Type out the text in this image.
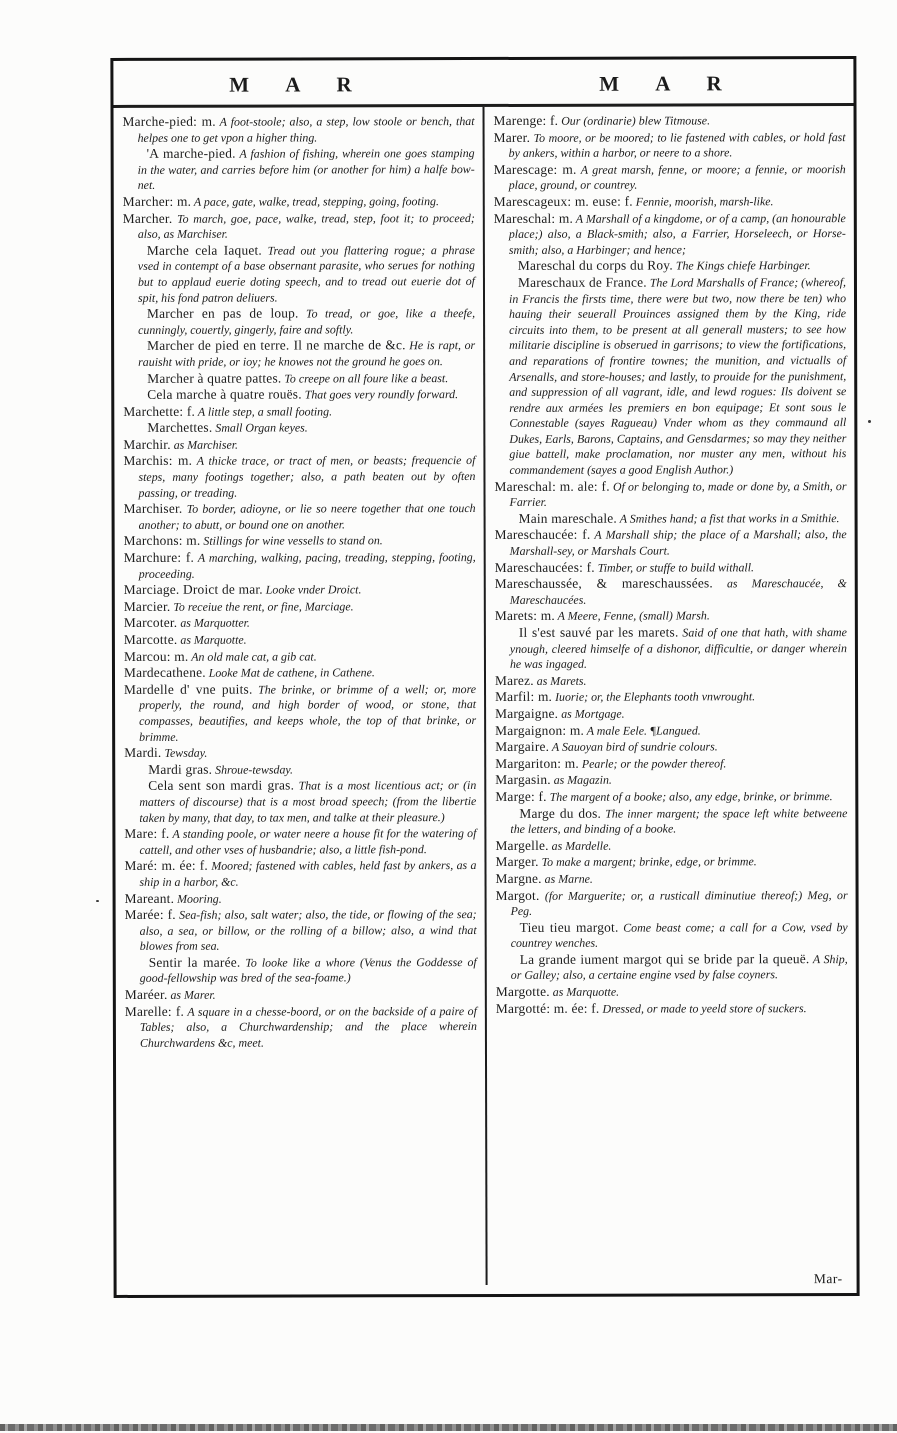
M A R	M A R

Marche-pied: m. A foot-stoole; also, a step, low stoole or bench, that helpes one to get vpon a higher thing.

'A marche-pied. A fashion of fishing, wherein one goes stamping in the water, and carries before him (or another for him) a halfe bow-net.

Marcher: m. A pace, gate, walke, tread, stepping, going, footing.

Marcher. To march, goe, pace, walke, tread, step, foot it; to proceed; also, as Marchiser.

Marche cela Iaquet. Tread out you flattering rogue; a phrase vsed in contempt of a base obsernant parasite, who serues for nothing but to applaud euerie doting speech, and to tread out euerie dot of spit, his fond patron deliuers.

Marcher en pas de loup. To tread, or goe, like a theefe, cunningly, couertly, gingerly, faire and softly.

Marcher de pied en terre. Il ne marche de &c. He is rapt, or rauisht with pride, or ioy; he knowes not the ground he goes on.

Marcher à quatre pattes. To creepe on all foure like a beast.

Cela marche à quatre rouës. That goes very roundly forward.

Marchette: f. A little step, a small footing.

Marchettes. Small Organ keyes.

Marchir. as Marchiser.

Marchis: m. A thicke trace, or tract of men, or beasts; frequencie of steps, many footings together; also, a path beaten out by often passing, or treading.

Marchiser. To border, adioyne, or lie so neere together that one touch another; to abutt, or bound one on another.

Marchons: m. Stillings for wine vessells to stand on.

Marchure: f. A marching, walking, pacing, treading, stepping, footing, proceeding.

Marciage. Droict de mar. Looke vnder Droict.

Marcier. To receiue the rent, or fine, Marciage.

Marcoter. as Marquotter.

Marcotte. as Marquotte.

Marcou: m. An old male cat, a gib cat.

Mardecathene. Looke Mat de cathene, in Cathene.

Mardelle d' vne puits. The brinke, or brimme of a well; or, more properly, the round, and high border of wood, or stone, that compasses, beautifies, and keeps whole, the top of that brinke, or brimme.

Mardi. Tewsday.

Mardi gras. Shroue-tewsday.

Cela sent son mardi gras. That is a most licentious act; or (in matters of discourse) that is a most broad speech; (from the libertie taken by many, that day, to tax men, and talke at their pleasure.)

Mare: f. A standing poole, or water neere a house fit for the watering of cattell, and other vses of husbandrie; also, a little fish-pond.

Maré: m. ée: f. Moored; fastened with cables, held fast by ankers, as a ship in a harbor, &c.

Mareant. Mooring.

Marée: f. Sea-fish; also, salt water; also, the tide, or flowing of the sea; also, a sea, or billow, or the rolling of a billow; also, a wind that blowes from sea.

Sentir la marée. To looke like a whore (Venus the Goddesse of good-fellowship was bred of the sea-foame.)

Maréer. as Marer.

Marelle: f. A square in a chesse-boord, or on the backside of a paire of Tables; also, a Churchwardenship; and the place wherein Churchwardens &c, meet.

Marenge: f. Our (ordinarie) blew Titmouse.

Marer. To moore, or be moored; to lie fastened with cables, or hold fast by ankers, within a harbor, or neere to a shore.

Marescage: m. A great marsh, fenne, or moore; a fennie, or moorish place, ground, or countrey.

Marescageux: m. euse: f. Fennie, moorish, marsh-like.

Mareschal: m. A Marshall of a kingdome, or of a camp, (an honourable place;) also, a Black-smith; also, a Farrier, Horseleech, or Horse-smith; also, a Harbinger; and hence;

Mareschal du corps du Roy. The Kings chiefe Harbinger.

Mareschaux de France. The Lord Marshalls of France; (whereof, in Francis the firsts time, there were but two, now there be ten) who hauing their seuerall Prouinces assigned them by the King, ride circuits into them, to be present at all generall musters; to see how militarie discipline is obserued in garrisons; to view the fortifications, and reparations of frontire townes; the munition, and victualls of Arsenalls, and store-houses; and lastly, to prouide for the punishment, and suppression of all vagrant, idle, and lewd rogues: Ils doivent se rendre aux armées les premiers en bon equipage; Et sont sous le Connestable (sayes Ragueau) Vnder whom as they commaund all Dukes, Earls, Barons, Captains, and Gensdarmes; so may they neither giue battell, make proclamation, nor muster any men, without his commandement (sayes a good English Author.)

Mareschal: m. ale: f. Of or belonging to, made or done by, a Smith, or Farrier.

Main mareschale. A Smithes hand; a fist that works in a Smithie.

Mareschaucée: f. A Marshall ship; the place of a Marshall; also, the Marshall-sey, or Marshals Court.

Mareschaucées: f. Timber, or stuffe to build withall.

Mareschaussée, & mareschaussées. as Mareschaucée, & Mareschaucées.

Marets: m. A Meere, Fenne, (small) Marsh.

Il s'est sauvé par les marets. Said of one that hath, with shame ynough, cleered himselfe of a dishonor, difficultie, or danger wherein he was ingaged.

Marez. as Marets.

Marfil: m. Iuorie; or, the Elephants tooth vnwrought.

Margaigne. as Mortgage.

Margaignon: m. A male Eele. ¶Langued.

Margaire. A Sauoyan bird of sundrie colours.

Margariton: m. Pearle; or the powder thereof.

Margasin. as Magazin.

Marge: f. The margent of a booke; also, any edge, brinke, or brimme.

Marge du dos. The inner margent; the space left white betweene the letters, and binding of a booke.

Margelle. as Mardelle.

Marger. To make a margent; brinke, edge, or brimme.

Margne. as Marne.

Margot. (for Marguerite; or, a rusticall diminutiue thereof;) Meg, or Peg.

Tieu tieu margot. Come beast come; a call for a Cow, vsed by countrey wenches.

La grande iument margot qui se bride par la queuë. A Ship, or Galley; also, a certaine engine vsed by false coyners.

Margotte. as Marquotte.

Margotté: m. ée: f. Dressed, or made to yeeld store of suckers.

Mar-
